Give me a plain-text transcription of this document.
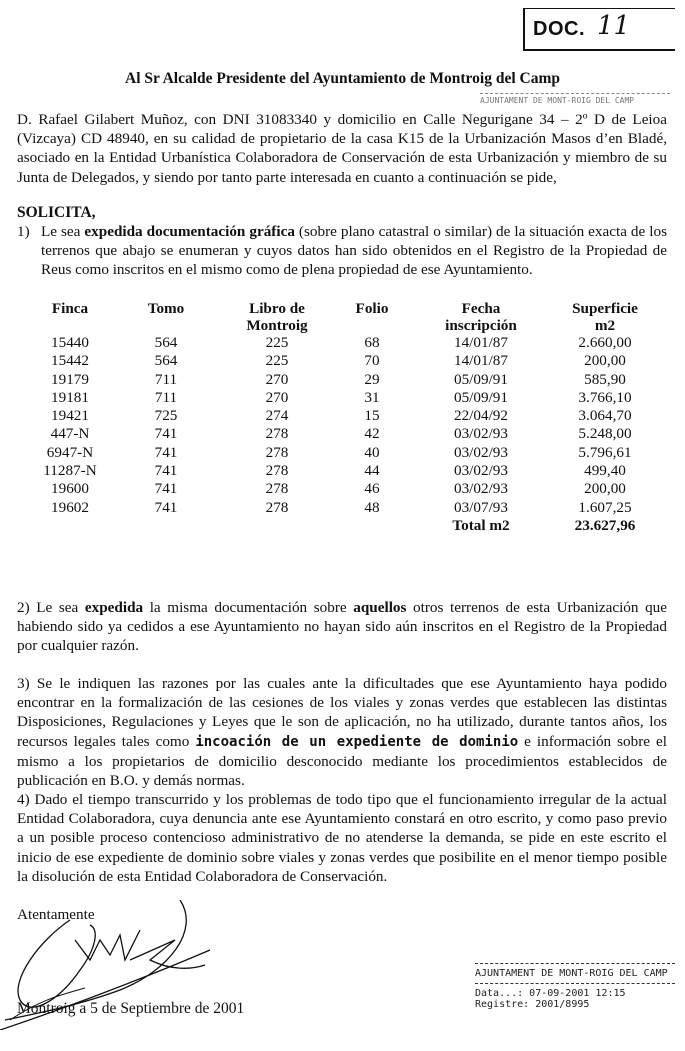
DOC. 11
Al Sr Alcalde Presidente del Ayuntamiento de Montroig del Camp
AJUNTAMENT DE MONT-ROIG DEL CAMP
D. Rafael Gilabert Muñoz, con DNI 31083340 y domicilio en Calle Negurigane 34 – 2º D de Leioa (Vizcaya) CD 48940, en su calidad de propietario de la casa K15 de la Urbanización Masos d’en Bladé, asociado en la Entidad Urbanística Colaboradora de Conservación de esta Urbanización y miembro de su Junta de Delegados, y siendo por tanto parte interesada en cuanto a continuación se pide,
SOLICITA,
1) Le sea expedida documentación gráfica (sobre plano catastral o similar) de la situación exacta de los terrenos que abajo se enumeran y cuyos datos han sido obtenidos en el Registro de la Propiedad de Reus como inscritos en el mismo como de plena propiedad de ese Ayuntamiento.
Finca	Tomo	Libro de	Folio	Fecha	Superficie
		Montroig		inscripción	m2
15440	564	225	68	14/01/87	2.660,00
15442	564	225	70	14/01/87	200,00
19179	711	270	29	05/09/91	585,90
19181	711	270	31	05/09/91	3.766,10
19421	725	274	15	22/04/92	3.064,70
447-N	741	278	42	03/02/93	5.248,00
6947-N	741	278	40	03/02/93	5.796,61
11287-N	741	278	44	03/02/93	499,40
19600	741	278	46	03/02/93	200,00
19602	741	278	48	03/07/93	1.607,25
				Total m2	23.627,96
2) Le sea expedida la misma documentación sobre aquellos otros terrenos de esta Urbanización que habiendo sido ya cedidos a ese Ayuntamiento no hayan sido aún inscritos en el Registro de la Propiedad por cualquier razón.
3) Se le indiquen las razones por las cuales ante la dificultades que ese Ayuntamiento haya podido encontrar en la formalización de las cesiones de los viales y zonas verdes que establecen las distintas Disposiciones, Regulaciones y Leyes que le son de aplicación, no ha utilizado, durante tantos años, los recursos legales tales como incoación de un expediente de dominio e información sobre el mismo a los propietarios de domicilio desconocido mediante los procedimientos establecidos de publicación en B.O. y demás normas.
4) Dado el tiempo transcurrido y los problemas de todo tipo que el funcionamiento irregular de la actual Entidad Colaboradora, cuya denuncia ante ese Ayuntamiento constará en otro escrito, y como paso previo a un posible proceso contencioso administrativo de no atenderse la demanda, se pide en este escrito el inicio de ese expediente de dominio sobre viales y zonas verdes que posibilite en el menor tiempo posible la disolución de esta Entidad Colaboradora de Conservación.
Atentamente
Montroig a 5 de Septiembre de 2001
AJUNTAMENT DE MONT-ROIG DEL CAMP
Data...: 07-09-2001 12:15
Registre: 2001/8995
